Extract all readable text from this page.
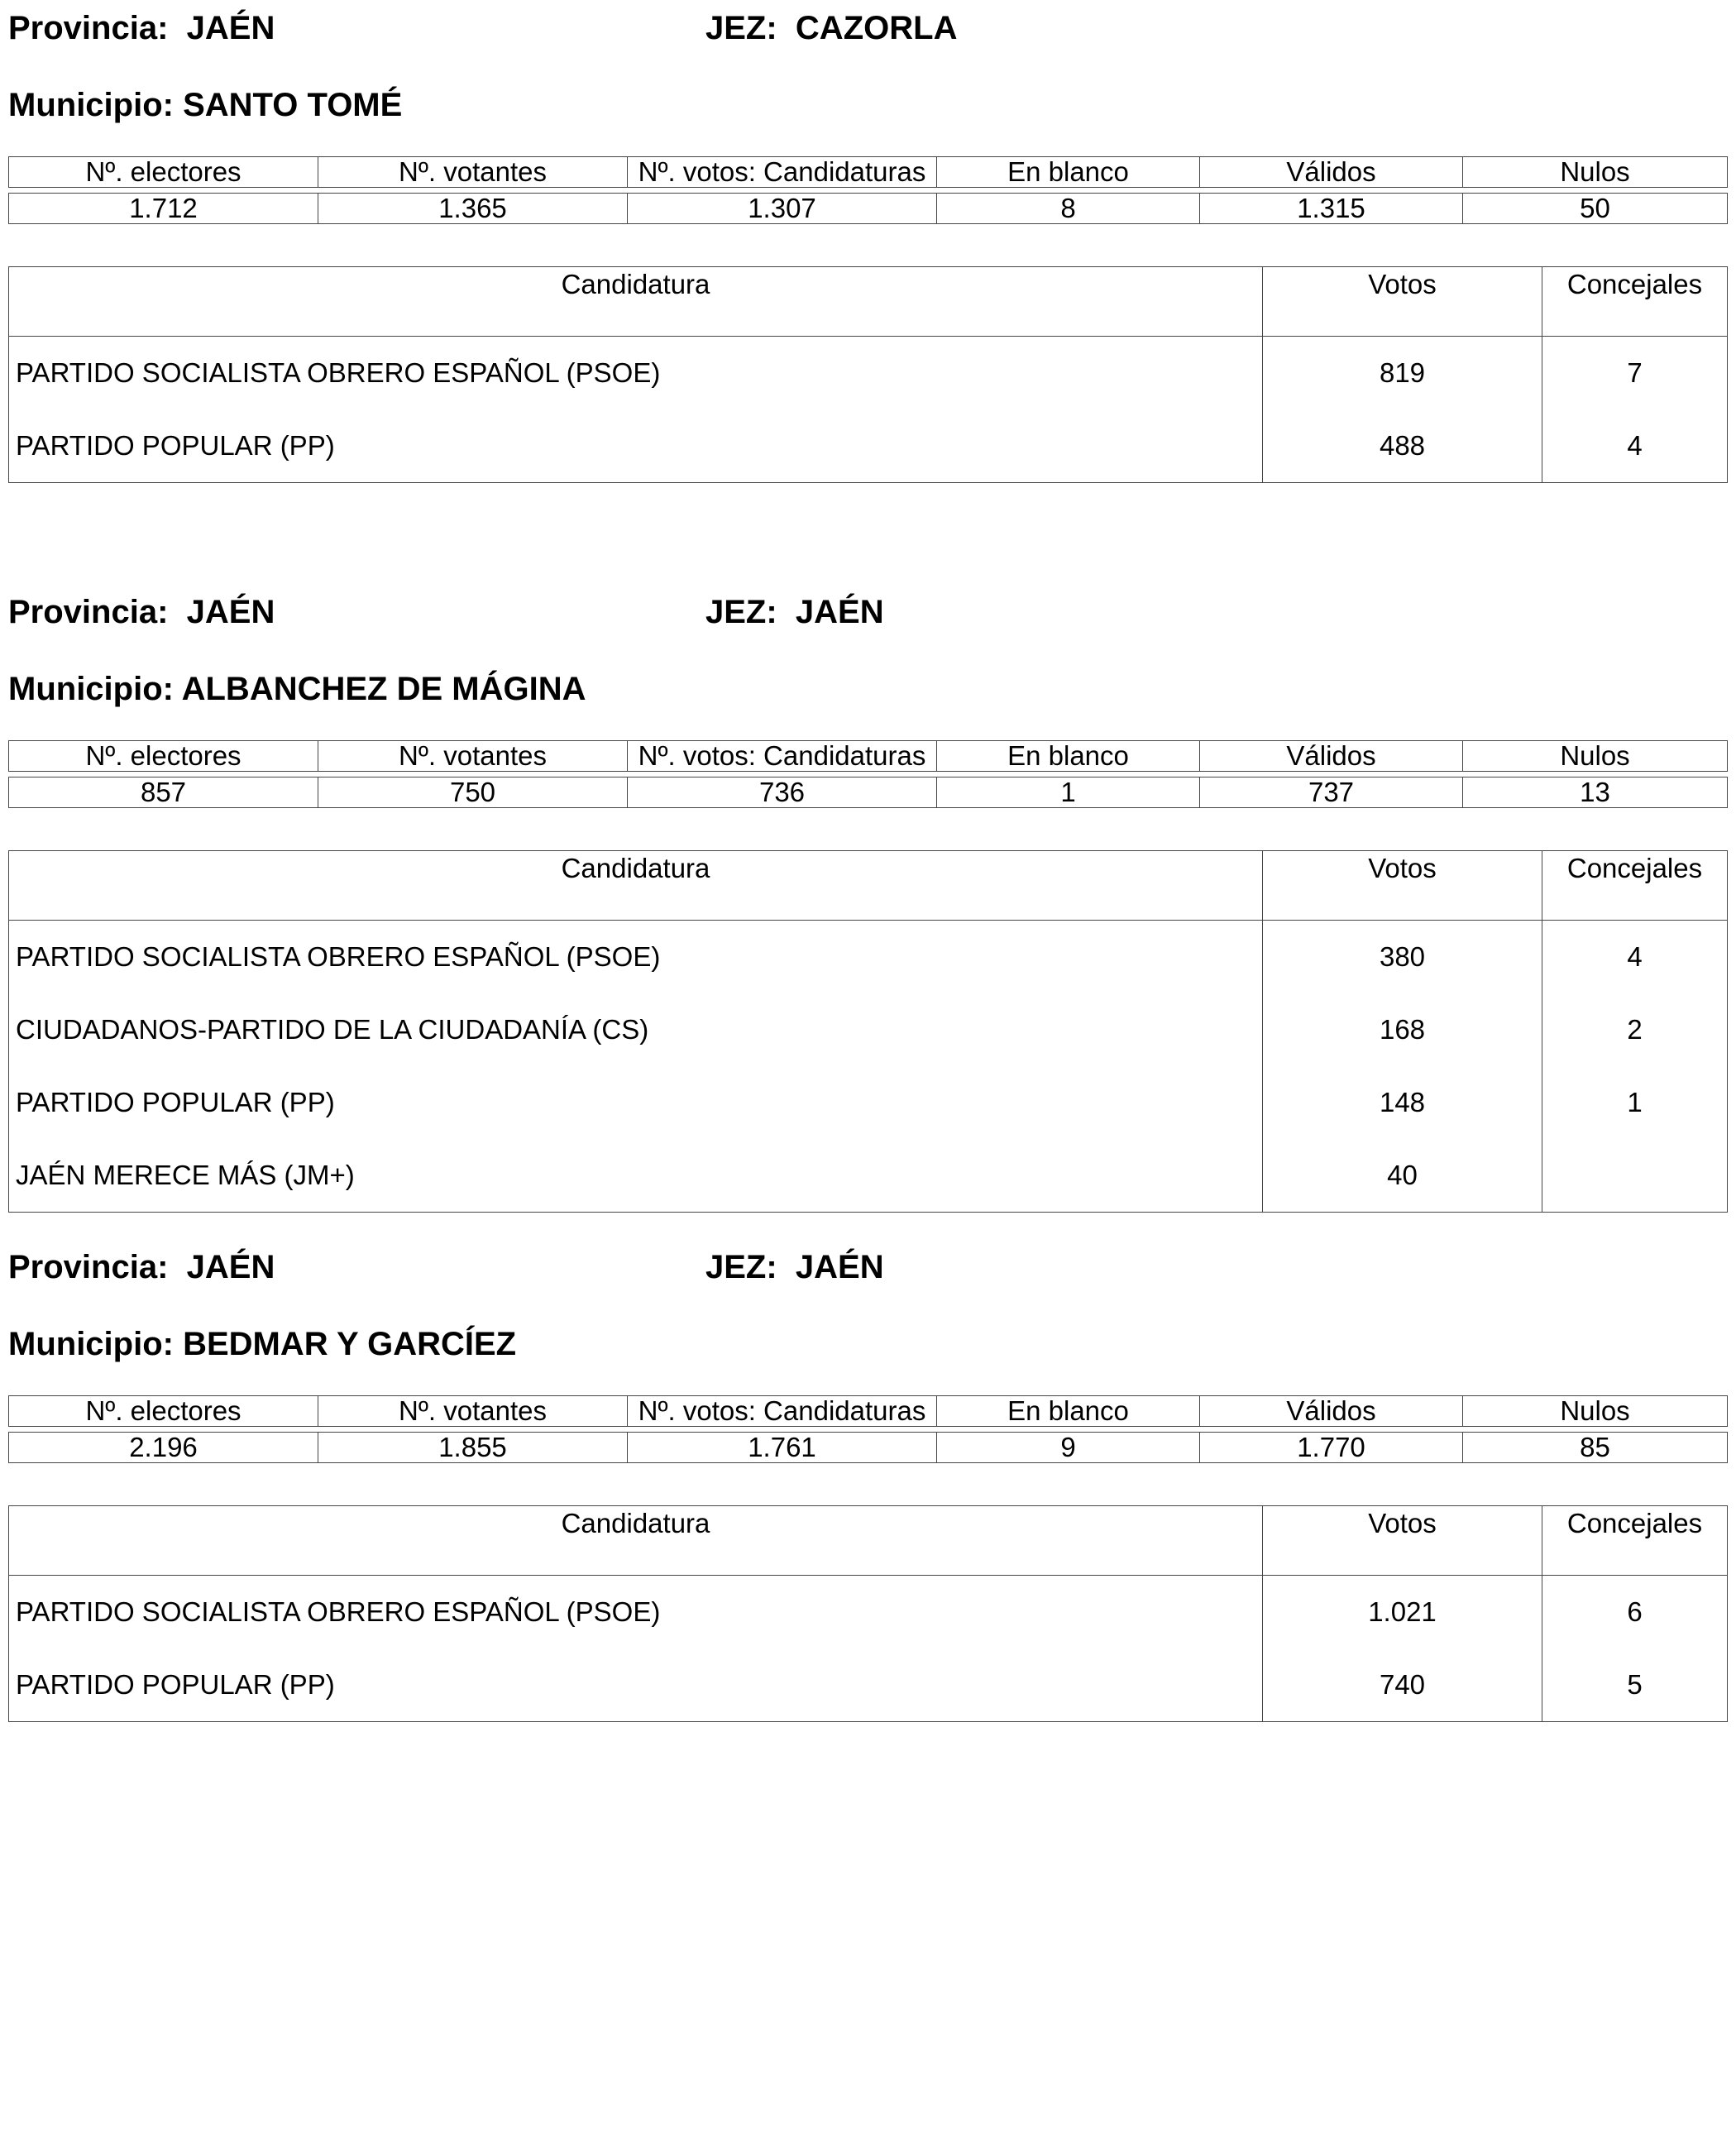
Provincia: JAÉN	JEZ: CAZORLA
Municipio: SANTO TOMÉ
Nº. electores	Nº. votantes	Nº. votos: Candidaturas	En blanco	Válidos	Nulos

1.712	1.365	1.307	8	1.315	50
Candidatura	Votos	Concejales
PARTIDO SOCIALISTA OBRERO ESPAÑOL (PSOE)	819	7
PARTIDO POPULAR (PP)	488	4
Provincia: JAÉN	JEZ: JAÉN
Municipio: ALBANCHEZ DE MÁGINA
Nº. electores	Nº. votantes	Nº. votos: Candidaturas	En blanco	Válidos	Nulos

857	750	736	1	737	13
Candidatura	Votos	Concejales
PARTIDO SOCIALISTA OBRERO ESPAÑOL (PSOE)	380	4
CIUDADANOS-PARTIDO DE LA CIUDADANÍA (CS)	168	2
PARTIDO POPULAR (PP)	148	1
JAÉN MERECE MÁS (JM+)	40	
Provincia: JAÉN	JEZ: JAÉN
Municipio: BEDMAR Y GARCÍEZ
Nº. electores	Nº. votantes	Nº. votos: Candidaturas	En blanco	Válidos	Nulos

2.196	1.855	1.761	9	1.770	85
Candidatura	Votos	Concejales
PARTIDO SOCIALISTA OBRERO ESPAÑOL (PSOE)	1.021	6
PARTIDO POPULAR (PP)	740	5
